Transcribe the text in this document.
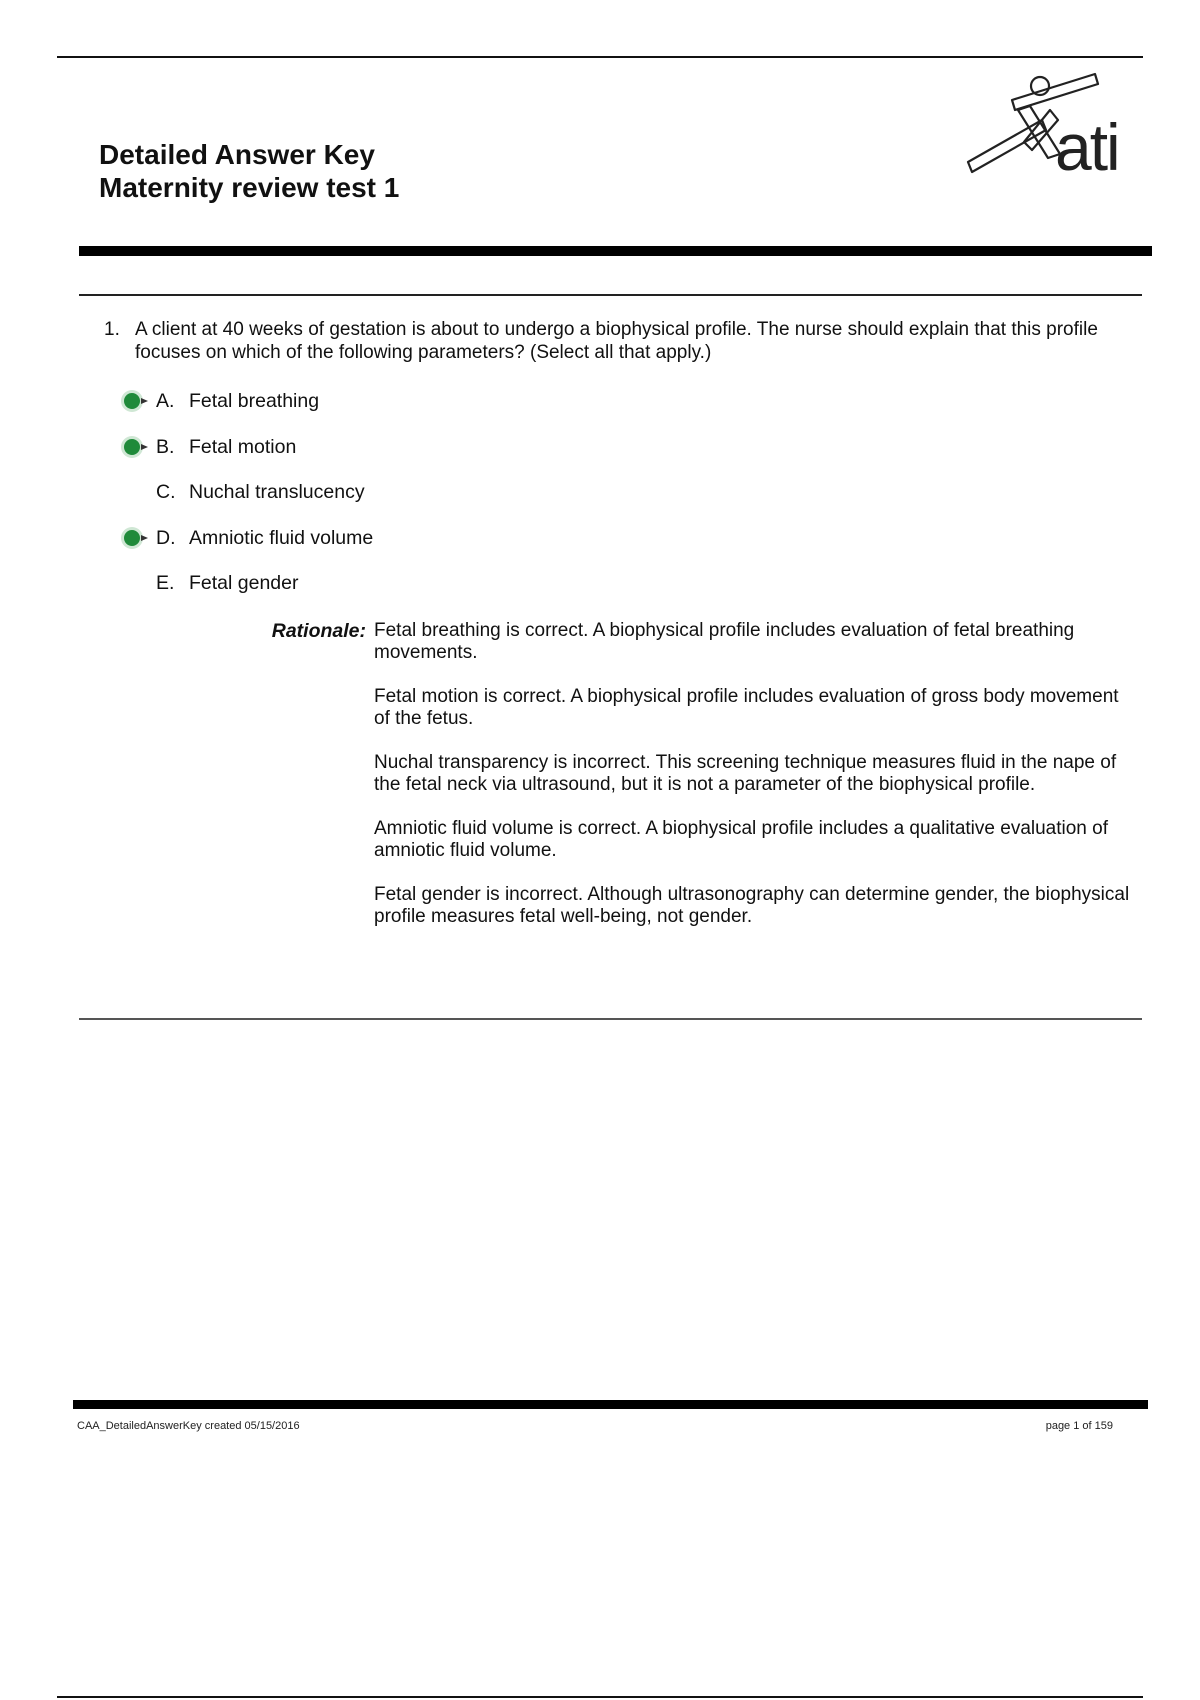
Detailed Answer Key
Maternity review test 1
ati
1. A client at 40 weeks of gestation is about to undergo a biophysical profile. The nurse should explain that this profile focuses on which of the following parameters? (Select all that apply.)
A. Fetal breathing
B. Fetal motion
C. Nuchal translucency
D. Amniotic fluid volume
E. Fetal gender
Rationale: Fetal breathing is correct. A biophysical profile includes evaluation of fetal breathing movements.

Fetal motion is correct. A biophysical profile includes evaluation of gross body movement of the fetus.

Nuchal transparency is incorrect. This screening technique measures fluid in the nape of the fetal neck via ultrasound, but it is not a parameter of the biophysical profile.

Amniotic fluid volume is correct. A biophysical profile includes a qualitative evaluation of amniotic fluid volume.

Fetal gender is incorrect. Although ultrasonography can determine gender, the biophysical profile measures fetal well-being, not gender.

CAA_DetailedAnswerKey created 05/15/2016	page 1 of 159
